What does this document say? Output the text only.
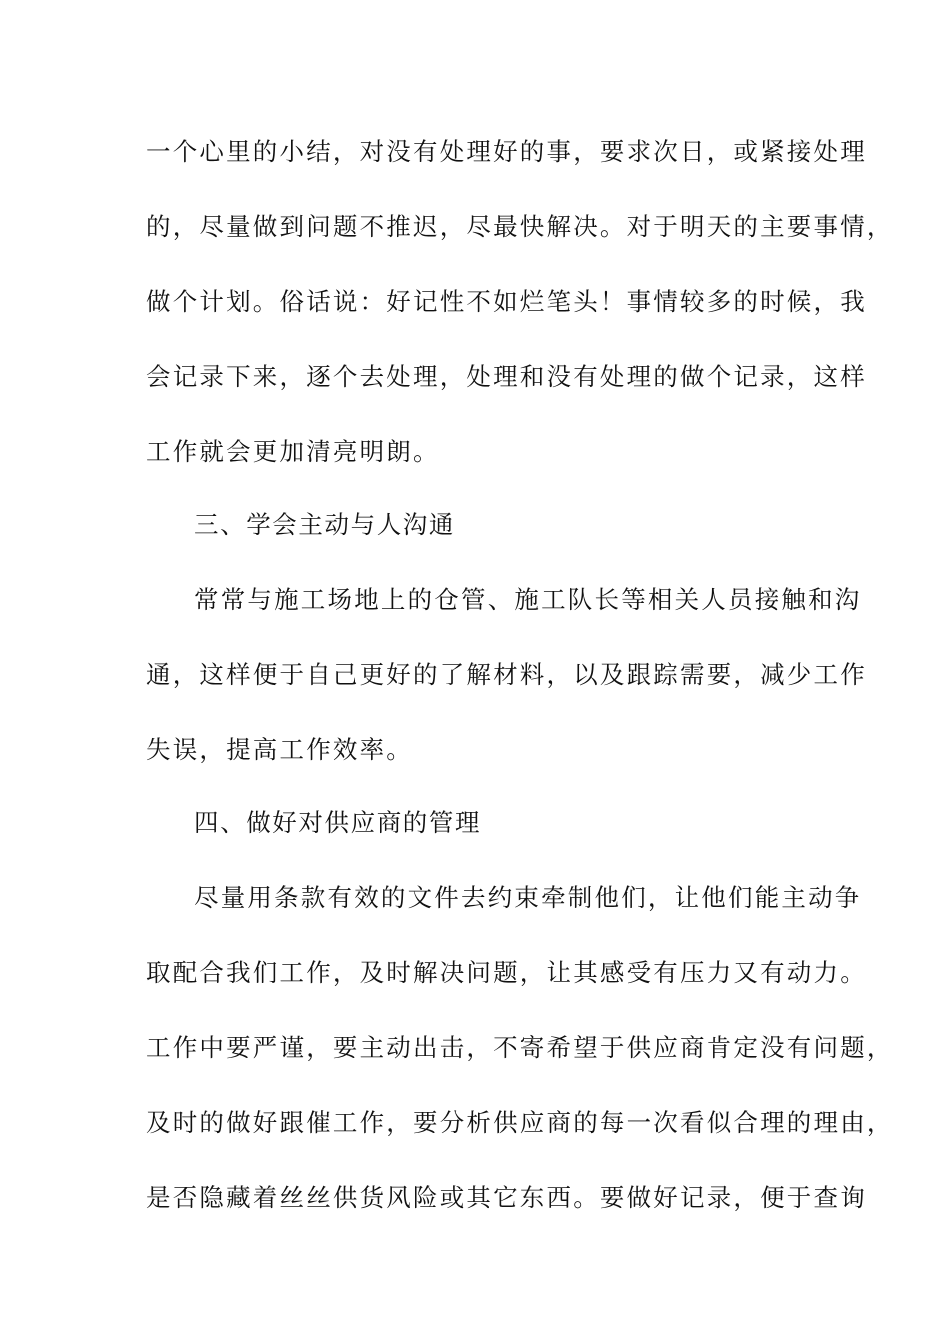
一个心里的小结，对没有处理好的事，要求次日，或紧接处理
的，尽量做到问题不推迟，尽最快解决。对于明天的主要事情，
做个计划。俗话说：好记性不如烂笔头！事情较多的时候，我
会记录下来，逐个去处理，处理和没有处理的做个记录，这样
工作就会更加清亮明朗。
三、学会主动与人沟通
常常与施工场地上的仓管、施工队长等相关人员接触和沟
通，这样便于自己更好的了解材料，以及跟踪需要，减少工作
失误，提高工作效率。
四、做好对供应商的管理
尽量用条款有效的文件去约束牵制他们，让他们能主动争
取配合我们工作，及时解决问题，让其感受有压力又有动力。
工作中要严谨，要主动出击，不寄希望于供应商肯定没有问题，
及时的做好跟催工作，要分析供应商的每一次看似合理的理由，
是否隐藏着丝丝供货风险或其它东西。要做好记录，便于查询
